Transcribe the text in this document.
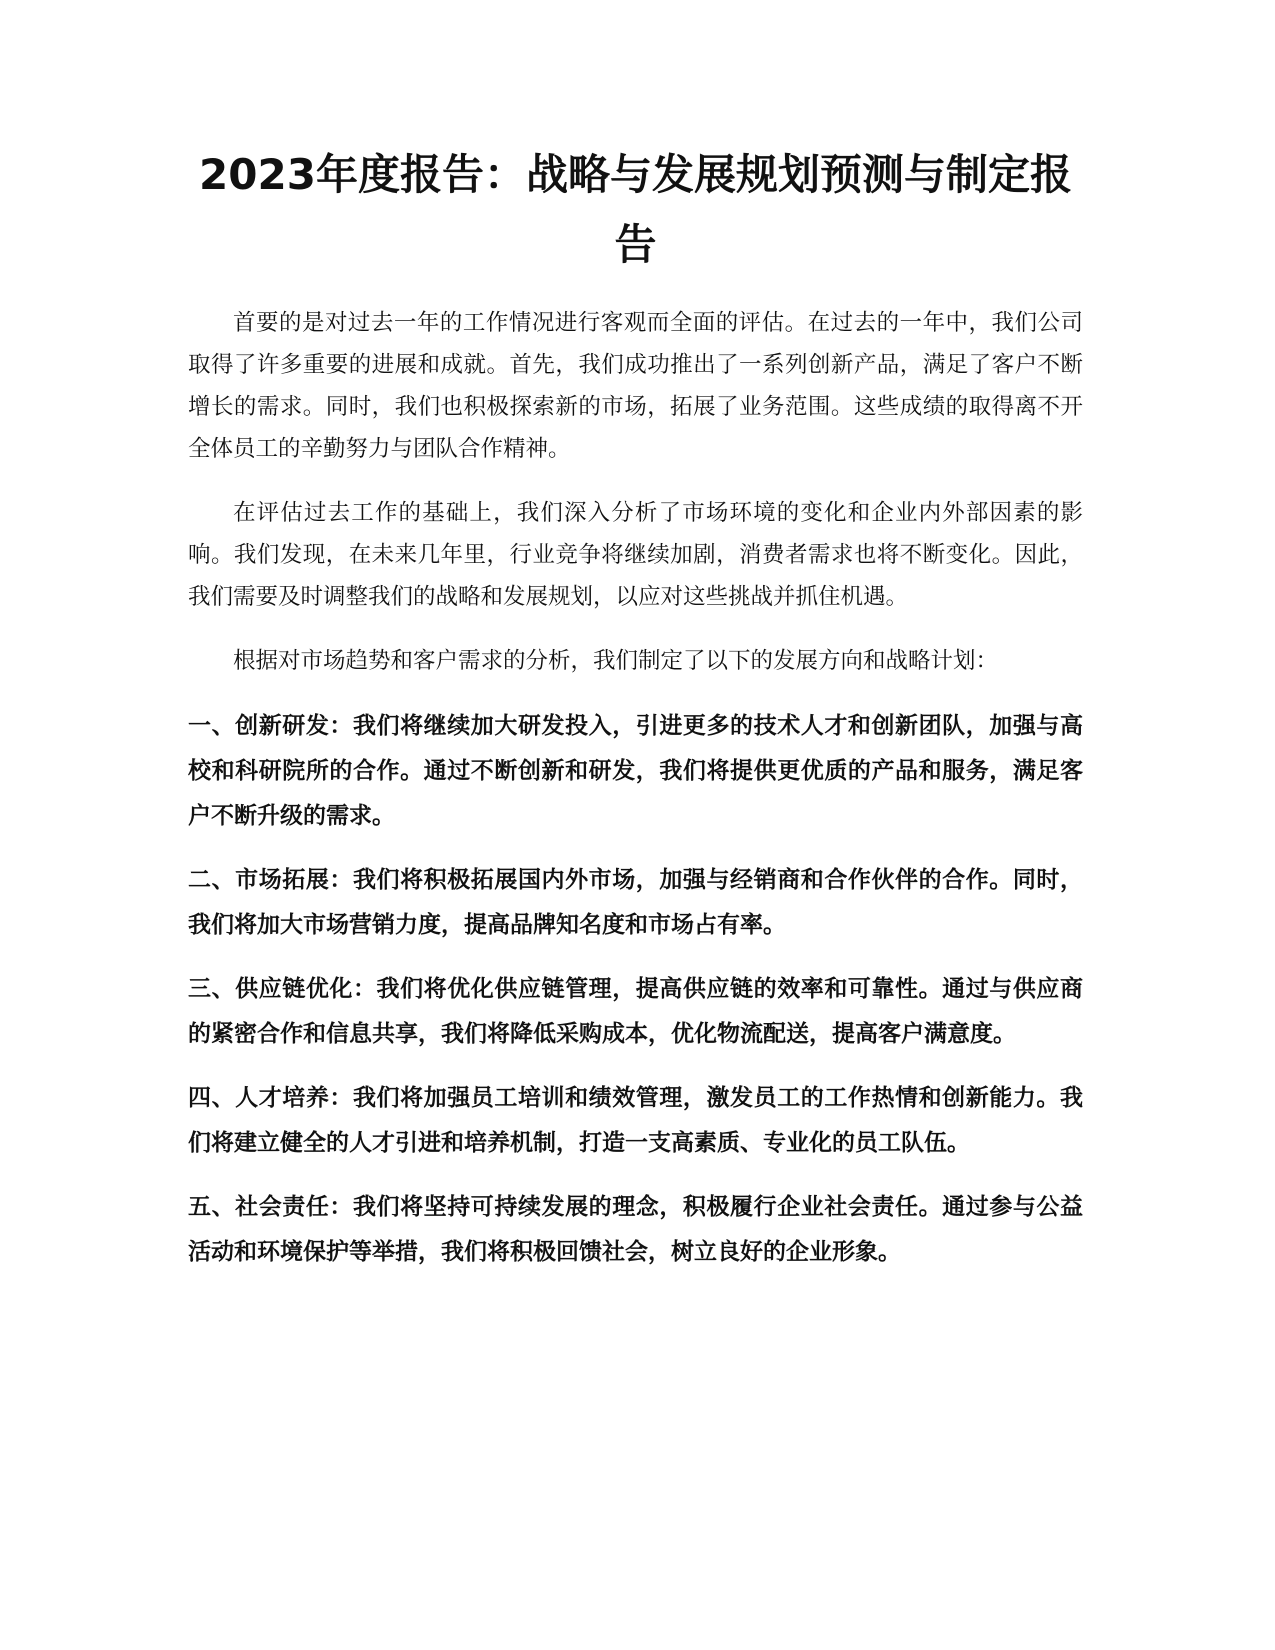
2023年度报告：战略与发展规划预测与制定报告

首要的是对过去一年的工作情况进行客观而全面的评估。在过去的一年中，我们公司取得了许多重要的进展和成就。首先，我们成功推出了一系列创新产品，满足了客户不断增长的需求。同时，我们也积极探索新的市场，拓展了业务范围。这些成绩的取得离不开全体员工的辛勤努力与团队合作精神。

在评估过去工作的基础上，我们深入分析了市场环境的变化和企业内外部因素的影响。我们发现，在未来几年里，行业竞争将继续加剧，消费者需求也将不断变化。因此，我们需要及时调整我们的战略和发展规划，以应对这些挑战并抓住机遇。

根据对市场趋势和客户需求的分析，我们制定了以下的发展方向和战略计划：

一、创新研发：我们将继续加大研发投入，引进更多的技术人才和创新团队，加强与高校和科研院所的合作。通过不断创新和研发，我们将提供更优质的产品和服务，满足客户不断升级的需求。

二、市场拓展：我们将积极拓展国内外市场，加强与经销商和合作伙伴的合作。同时，我们将加大市场营销力度，提高品牌知名度和市场占有率。

三、供应链优化：我们将优化供应链管理，提高供应链的效率和可靠性。通过与供应商的紧密合作和信息共享，我们将降低采购成本，优化物流配送，提高客户满意度。

四、人才培养：我们将加强员工培训和绩效管理，激发员工的工作热情和创新能力。我们将建立健全的人才引进和培养机制，打造一支高素质、专业化的员工队伍。

五、社会责任：我们将坚持可持续发展的理念，积极履行企业社会责任。通过参与公益活动和环境保护等举措，我们将积极回馈社会，树立良好的企业形象。
